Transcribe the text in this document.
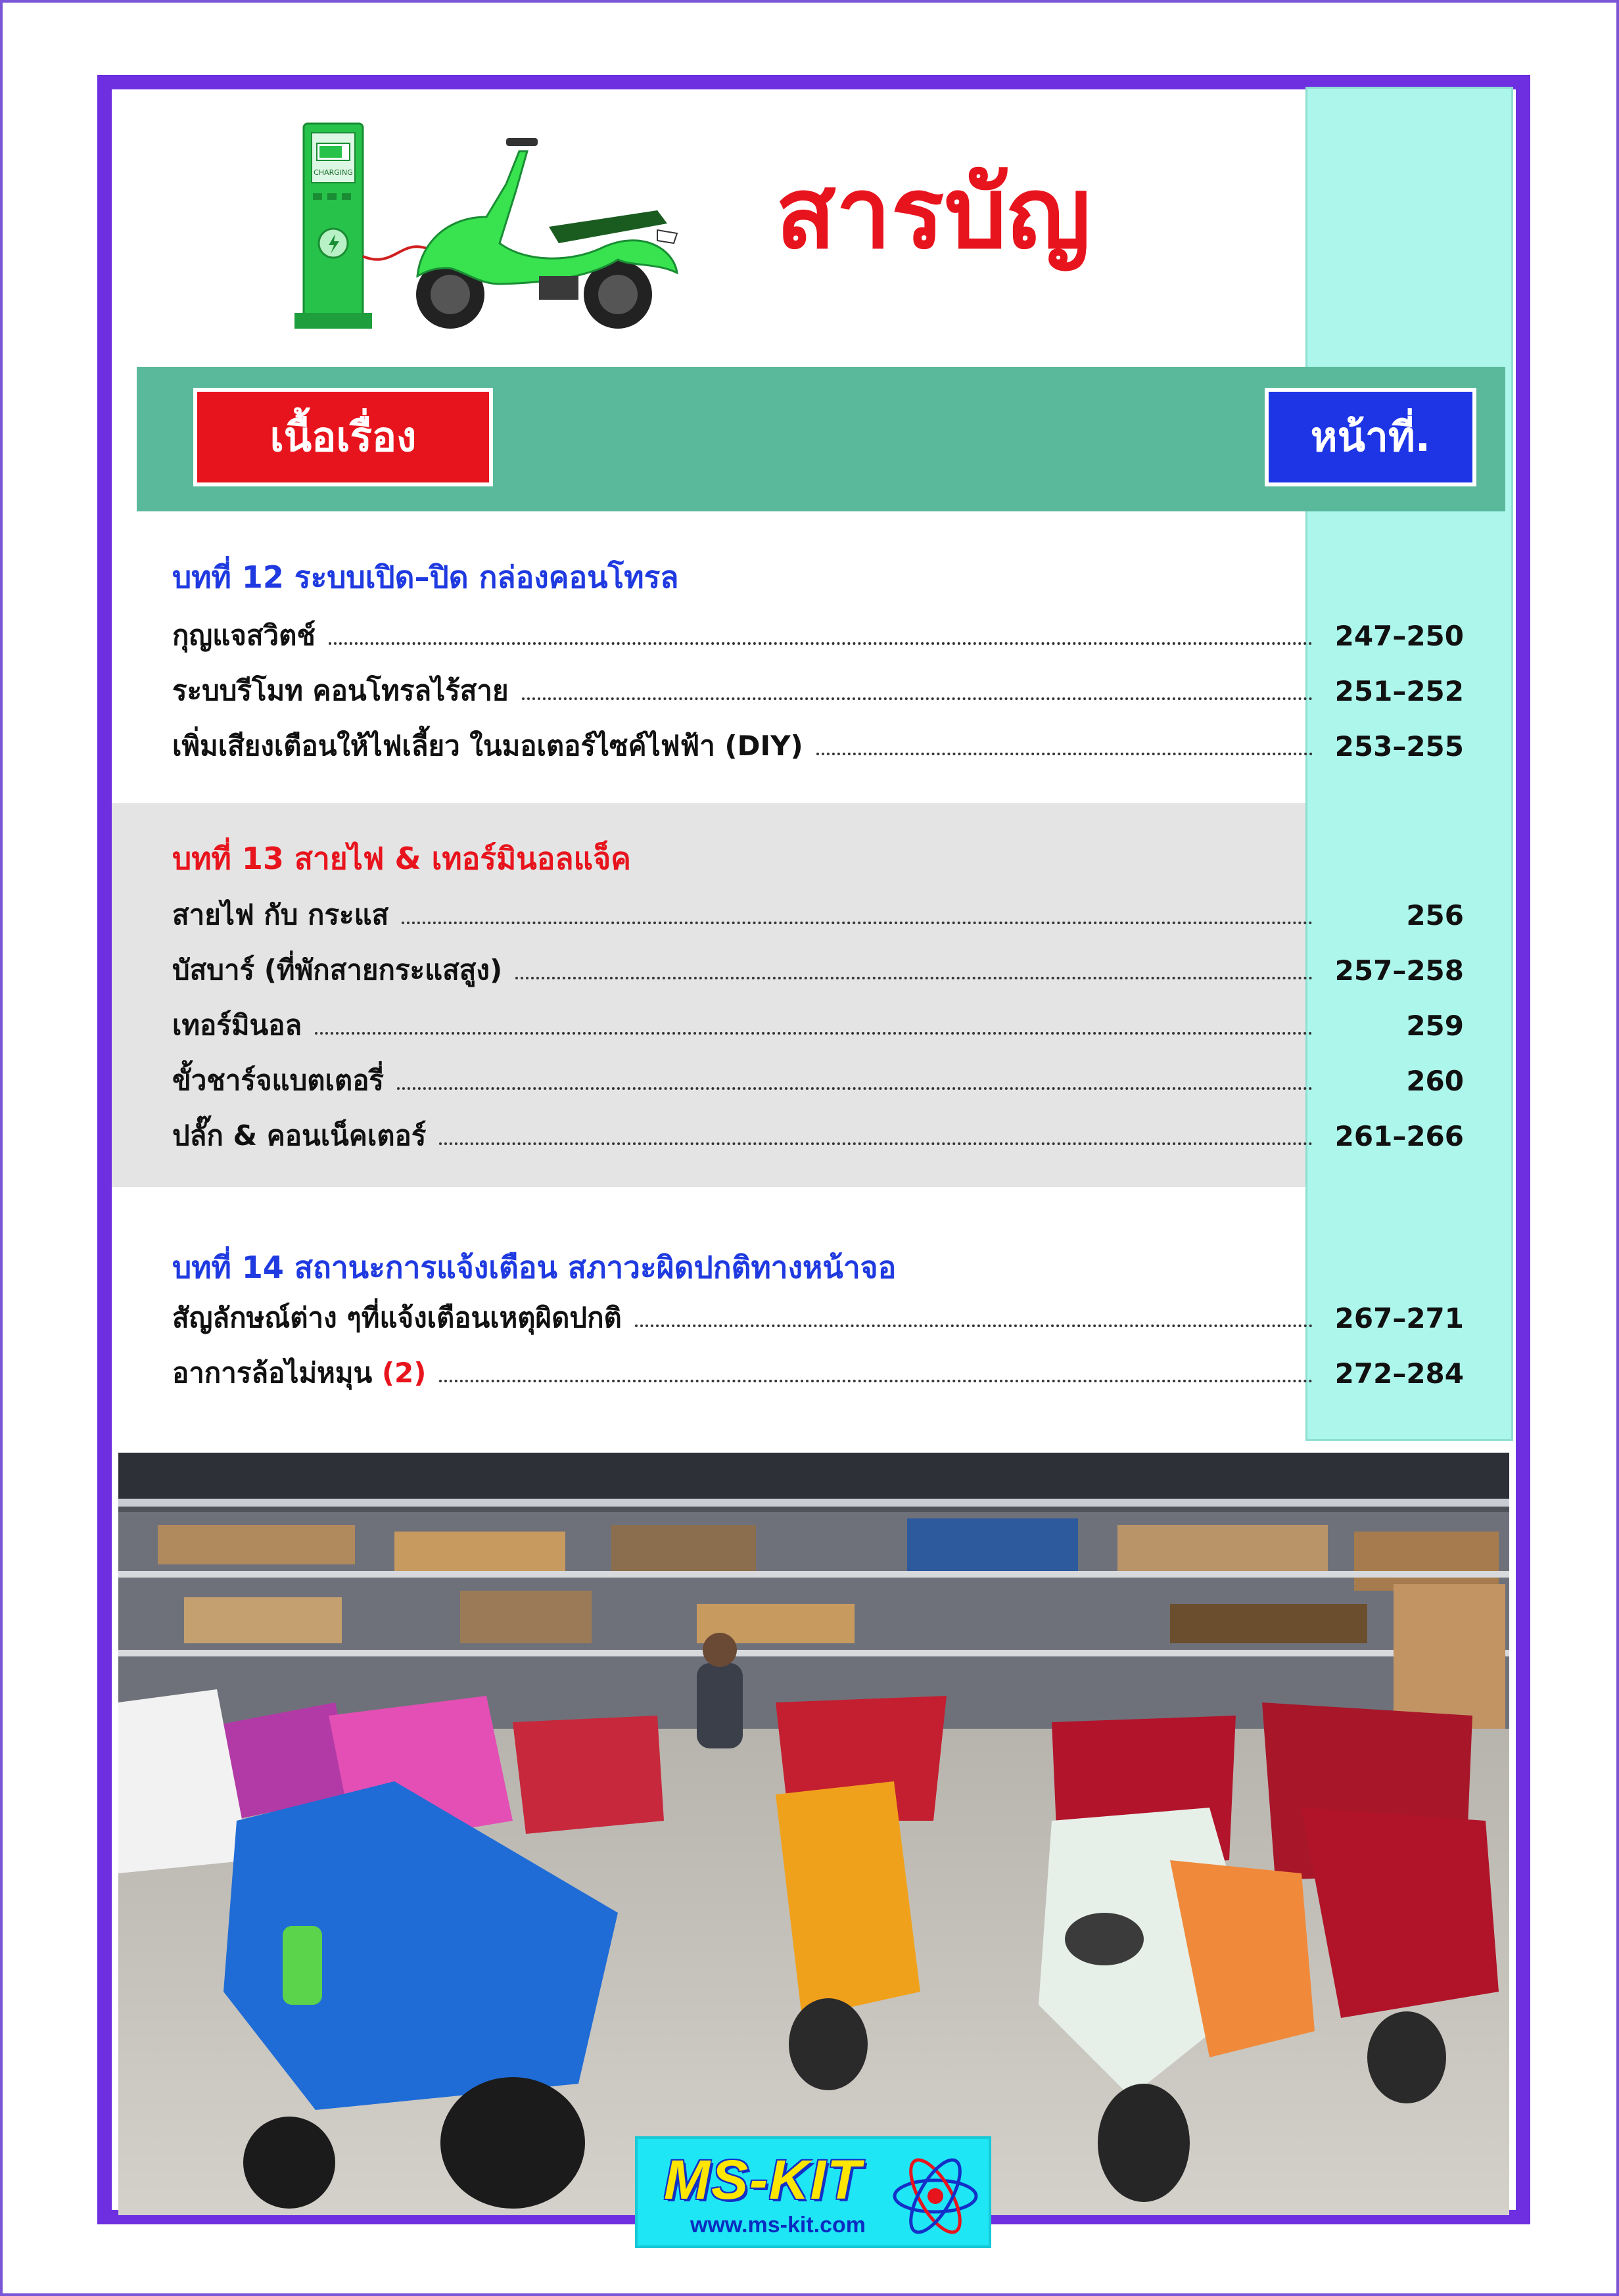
CHARGING	สารบัญ
เนื้อเรื่อง	หน้าที่.
บทที่ 12 ระบบเปิด–ปิด กล่องคอนโทรล
กุญแจสวิตช์	247–250
ระบบรีโมท คอนโทรลไร้สาย	251–252
เพิ่มเสียงเตือนให้ไฟเลี้ยว ในมอเตอร์ไซค์ไฟฟ้า (DIY)	253–255
บทที่ 13 สายไฟ & เทอร์มินอลแจ็ค
สายไฟ กับ กระแส	256
บัสบาร์ (ที่พักสายกระแสสูง)	257–258
เทอร์มินอล	259
ขั้วชาร์จแบตเตอรี่	260
ปลั๊ก & คอนเน็คเตอร์	261–266
บทที่ 14 สถานะการแจ้งเตือน สภาวะผิดปกติทางหน้าจอ
สัญลักษณ์ต่าง ๆที่แจ้งเตือนเหตุผิดปกติ	267–271
อาการล้อไม่หมุน (2)	272–284
MS-KIT
www.ms-kit.com
